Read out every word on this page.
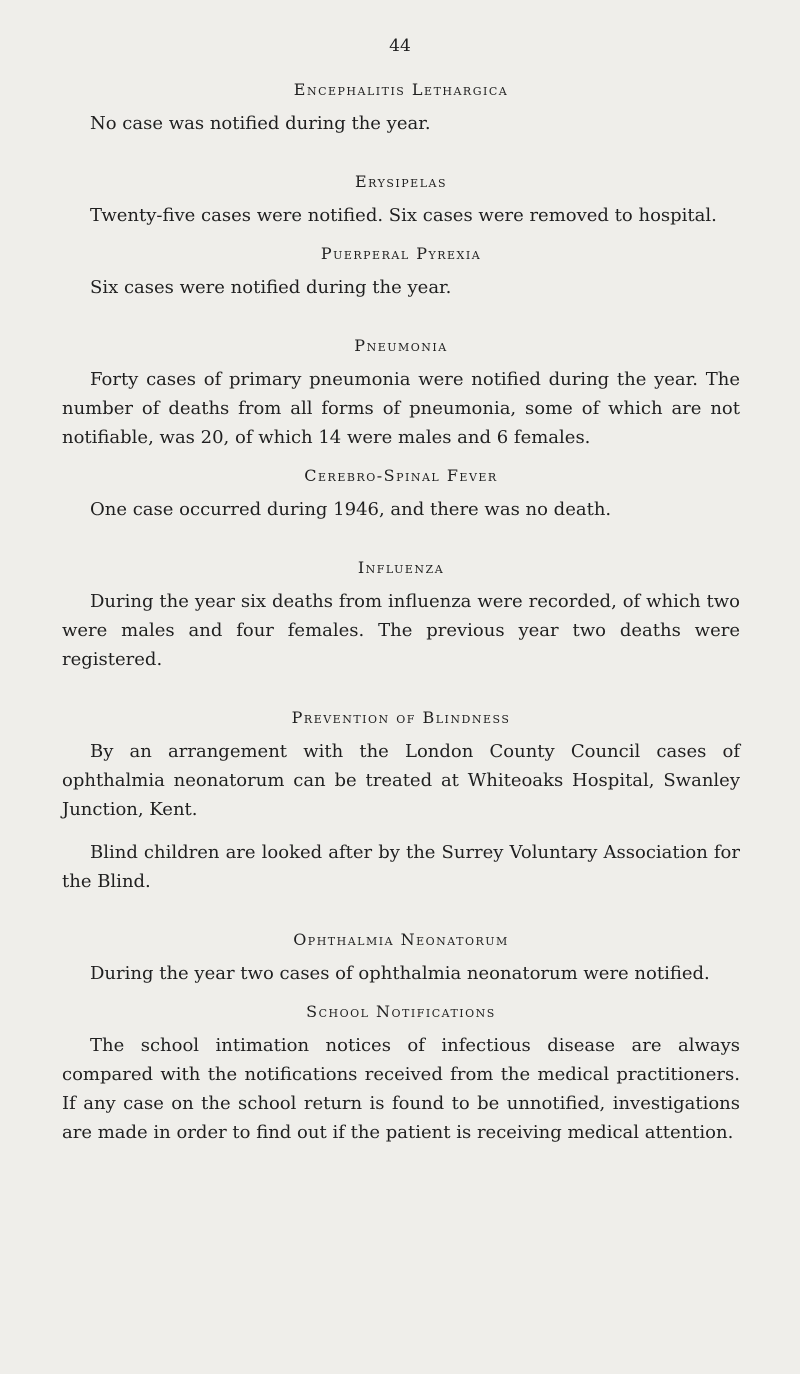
44
Encephalitis Lethargica

No case was notified during the year.

Erysipelas

Twenty-five cases were notified. Six cases were removed to hospital.

Puerperal Pyrexia

Six cases were notified during the year.

Pneumonia

Forty cases of primary pneumonia were notified during the year. The number of deaths from all forms of pneumonia, some of which are not notifiable, was 20, of which 14 were males and 6 females.

Cerebro-Spinal Fever

One case occurred during 1946, and there was no death.

Influenza

During the year six deaths from influenza were recorded, of which two were males and four females. The previous year two deaths were registered.

Prevention of Blindness

By an arrangement with the London County Council cases of ophthalmia neonatorum can be treated at Whiteoaks Hospital, Swanley Junction, Kent.

Blind children are looked after by the Surrey Voluntary Association for the Blind.

Ophthalmia Neonatorum

During the year two cases of ophthalmia neonatorum were notified.

School Notifications

The school intimation notices of infectious disease are always compared with the notifications received from the medical practitioners. If any case on the school return is found to be unnotified, investigations are made in order to find out if the patient is receiving medical attention.
